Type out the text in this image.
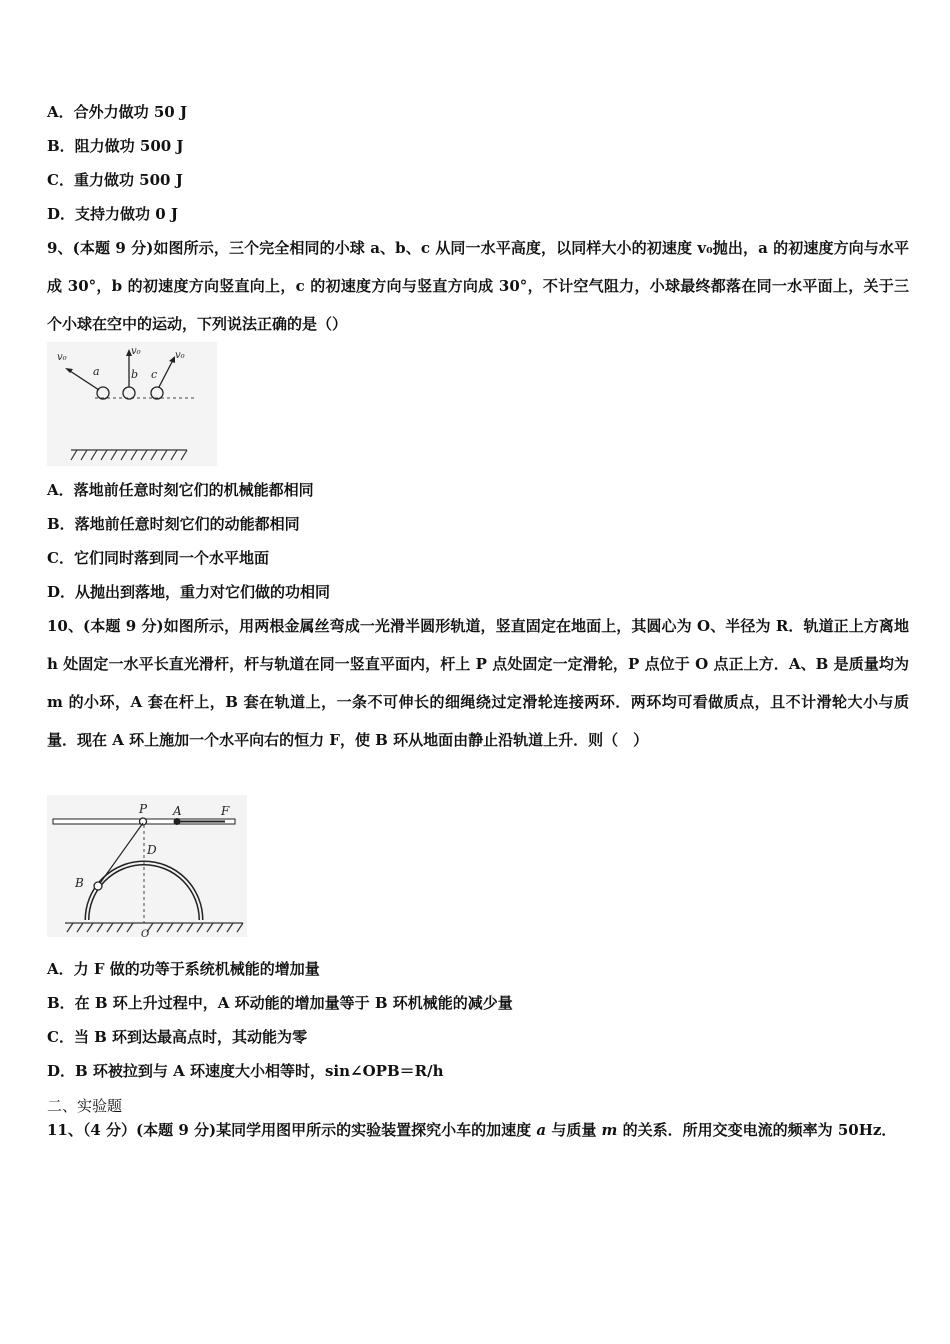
A．合外力做功 50 J

B．阻力做功 500 J

C．重力做功 500 J

D．支持力做功 0 J

9、(本题 9 分)如图所示，三个完全相同的小球 a、b、c 从同一水平高度，以同样大小的初速度 v₀抛出，a 的初速度方向与水平成 30°，b 的初速度方向竖直向上，c 的初速度方向与竖直方向成 30°，不计空气阻力，小球最终都落在同一水平面上，关于三个小球在空中的运动，下列说法正确的是（）

v₀
v₀	v₀
a	b c

A．落地前任意时刻它们的机械能都相同

B．落地前任意时刻它们的动能都相同

C．它们同时落到同一个水平地面

D．从抛出到落地，重力对它们做的功相同

10、(本题 9 分)如图所示，用两根金属丝弯成一光滑半圆形轨道，竖直固定在地面上，其圆心为 O、半径为 R．轨道正上方离地 h 处固定一水平长直光滑杆，杆与轨道在同一竖直平面内，杆上 P 点处固定一定滑轮，P 点位于 O 点正上方．A、B 是质量均为 m 的小环，A 套在杆上，B 套在轨道上，一条不可伸长的细绳绕过定滑轮连接两环．两环均可看做质点，且不计滑轮大小与质量．现在 A 环上施加一个水平向右的恒力 F，使 B 环从地面由静止沿轨道上升．则（　）

P A	F
D
B
O

A．力 F 做的功等于系统机械能的增加量

B．在 B 环上升过程中，A 环动能的增加量等于 B 环机械能的减少量

C．当 B 环到达最高点时，其动能为零

D．B 环被拉到与 A 环速度大小相等时，sin∠OPB＝R/h

二、实验题

11、（4 分）(本题 9 分)某同学用图甲所示的实验装置探究小车的加速度 a 与质量 m 的关系．所用交变电流的频率为 50Hz．
